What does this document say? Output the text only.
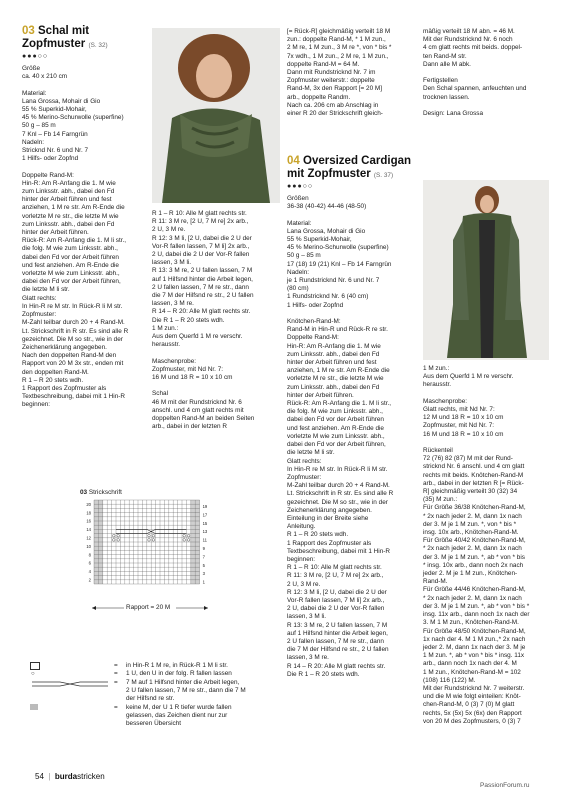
03 Schal mit
Zopfmuster (S. 32)
●●●○○
Größe
ca. 40 x 210 cm

Material:
Lana Grossa, Mohair di Gio
55 % Superkid-Mohair,
45 % Merino-Schurwolle (superfine)
50 g – 85 m
7 Knl – Fb 14 Farngrün
Nadeln:
Stricknd Nr. 6 und Nr. 7
1 Hilfs- oder Zopfnd

Doppelte Rand-M:
Hin-R: Am R-Anfang die 1. M wie
zum Linksstr. abh., dabei den Fd
hinter der Arbeit führen und fest
anziehen, 1 M re str. Am R-Ende die
vorletzte M re str., die letzte M wie
zum Linksstr. abh., dabei den Fd
hinter der Arbeit führen.
Rück-R: Am R-Anfang die 1. M li str.,
die folg. M wie zum Linksstr. abh.,
dabei den Fd vor der Arbeit führen
und fest anziehen. Am R-Ende die
vorletzte M wie zum Linksstr. abh.,
dabei den Fd vor der Arbeit führen,
die letzte M li str.
Glatt rechts:
In Hin-R re M str. In Rück-R li M str.
Zopfmuster:
M-Zahl teilbar durch 20 + 4 Rand-M.
Lt. Strickschrift in R str. Es sind alle R
gezeichnet. Die M so str., wie in der
Zeichenerklärung angegeben.
Nach den doppelten Rand-M den
Rapport von 20 M 3x str., enden mit
den doppelten Rand-M.
R 1 – R 20 stets wdh.
1 Rapport des Zopfmuster als
Textbeschreibung, dabei mit 1 Hin-R
beginnen:
R 1 – R 10: Alle M glatt rechts str.
R 11: 3 M re, [2 U, 7 M re] 2x arb.,
2 U, 3 M re.
R 12: 3 M li, [2 U, dabei die 2 U der
Vor-R fallen lassen, 7 M li] 2x arb.,
2 U, dabei die 2 U der Vor-R fallen
lassen, 3 M li.
R 13: 3 M re, 2 U fallen lassen, 7 M
auf 1 Hilfsnd hinter die Arbeit legen,
2 U fallen lassen, 7 M re str., dann
die 7 M der Hilfsnd re str., 2 U fallen
lassen, 3 M re.
R 14 – R 20: Alle M glatt rechts str.
Die R 1 – R 20 stets wdh.
1 M zun.:
Aus dem Querfd 1 M re verschr.
herausstr.

Maschenprobe:
Zopfmuster, mit Nd Nr. 7:
16 M und 18 R = 10 x 10 cm

Schal
46 M mit der Rundstricknd Nr. 6
anschl. und 4 cm glatt rechts mit
doppelten Rand-M an beiden Seiten
arb., dabei in der letzten R
[= Rück-R] gleichmäßig verteilt 18 M
zun.: doppelte Rand-M, * 1 M zun.,
2 M re, 1 M zun., 3 M re *, von * bis *
7x wdh., 1 M zun., 2 M re, 1 M zun.,
doppelte Rand-M = 64 M.
Dann mit Rundstricknd Nr. 7 im
Zopfmuster weiterstr.: doppelte
Rand-M, 3x den Rapport [= 20 M]
arb., doppelte Randm.
Nach ca. 206 cm ab Anschlag in
einer R 20 der Strickschrift gleich-
mäßig verteilt 18 M abn. = 46 M.
Mit der Rundstricknd Nr. 6 noch
4 cm glatt rechts mit beids. doppel-
ten Rand-M str.
Dann alle M abk.

Fertigstellen
Den Schal spannen, anfeuchten und
trocknen lassen.

Design: Lana Grossa
04 Oversized Cardigan
mit Zopfmuster (S. 37)
●●●○○
Größen
36-38 (40-42) 44-46 (48-50)

Material:
Lana Grossa, Mohair di Gio
55 % Superkid-Mohair,
45 % Merino-Schurwolle (superfine)
50 g – 85 m
17 (18) 19 (21) Knl – Fb 14 Farngrün
Nadeln:
je 1 Rundstricknd Nr. 6 und Nr. 7
(80 cm)
1 Rundstricknd Nr. 6 (40 cm)
1 Hilfs- oder Zopfnd

Knötchen-Rand-M:
Rand-M in Hin-R und Rück-R re str.
Doppelte Rand-M:
Hin-R: Am R-Anfang die 1. M wie
zum Linksstr. abh., dabei den Fd
hinter der Arbeit führen und fest
anziehen, 1 M re str. Am R-Ende die
vorletzte M re str., die letzte M wie
zum Linksstr. abh., dabei den Fd
hinter der Arbeit führen.
Rück-R: Am R-Anfang die 1. M li str.,
die folg. M wie zum Linksstr. abh.,
dabei den Fd vor der Arbeit führen
und fest anziehen. Am R-Ende die
vorletzte M wie zum Linksstr. abh.,
dabei den Fd vor der Arbeit führen,
die letzte M li str.
Glatt rechts:
In Hin-R re M str. In Rück-R li M str.
Zopfmuster:
M-Zahl teilbar durch 20 + 4 Rand-M.
Lt. Strickschrift in R str. Es sind alle R
gezeichnet. Die M so str., wie in der
Zeichenerklärung angegeben.
Einteilung in der Breite siehe
Anleitung.
R 1 – R 20 stets wdh.
1 Rapport des Zopfmuster als
Textbeschreibung, dabei mit 1 Hin-R
beginnen:
R 1 – R 10: Alle M glatt rechts str.
R 11: 3 M re, [2 U, 7 M re] 2x arb.,
2 U, 3 M re.
R 12: 3 M li, [2 U, dabei die 2 U der
Vor-R fallen lassen, 7 M li] 2x arb.,
2 U, dabei die 2 U der Vor-R fallen
lassen, 3 M li.
R 13: 3 M re, 2 U fallen lassen, 7 M
auf 1 Hilfsnd hinter die Arbeit legen,
2 U fallen lassen, 7 M re str., dann
die 7 M der Hilfsnd re str., 2 U fallen
lassen, 3 M re.
R 14 – R 20: Alle M glatt rechts str.
Die R 1 – R 20 stets wdh.
1 M zun.:
Aus dem Querfd 1 M re verschr.
herausstr.

Maschenprobe:
Glatt rechts, mit Nd Nr. 7:
12 M und 18 R = 10 x 10 cm
Zopfmuster, mit Nd Nr. 7:
16 M und 18 R = 10 x 10 cm

Rückenteil
72 (76) 82 (87) M mit der Rund-
stricknd Nr. 6 anschl. und 4 cm glatt
rechts mit beids. Knötchen-Rand-M
arb., dabei in der letzten R [= Rück-
R] gleichmäßig verteilt 30 (32) 34
(35) M zun.:
Für Größe 36/38 Knötchen-Rand-M,
* 2x nach jeder 2. M, dann 1x nach
der 3. M je 1 M zun. *, von * bis *
insg. 10x arb., Knötchen-Rand-M.
Für Größe 40/42 Knötchen-Rand-M,
* 2x nach jeder 2. M, dann 1x nach
der 3. M je 1 M zun. *, ab * von * bis
* insg. 10x arb., dann noch 2x nach
jeder 2. M je 1 M zun., Knötchen-
Rand-M.
Für Größe 44/46 Knötchen-Rand-M,
* 2x nach jeder 2. M, dann 1x nach
der 3. M je 1 M zun. *, ab * von * bis *
insg. 11x arb., dann noch 1x nach der
3. M 1 M zun., Knötchen-Rand-M.
Für Größe 48/50 Knötchen-Rand-M,
1x nach der 4. M 1 M zun.,* 2x nach
jeder 2. M, dann 1x nach der 3. M je
1 M zun. *, ab * von * bis * insg. 11x
arb., dann noch 1x nach der 4. M
1 M zun., Knötchen-Rand-M = 102
(108) 116 (122) M.
Mit der Rundstricknd Nr. 7 weiterstr.
und die M wie folgt einteilen: Knöt-
chen-Rand-M, 0 (3) 7 (0) M glatt
rechts, 5x (5x) 5x (6x) den Rapport
von 20 M des Zopfmusters, 0 (3) 7
03 Strickschrift
20
18
16
14
12
10
8
6
4
2
19
17
15
13
11
9
7
5
3
1
Rapport = 20 M
= in Hin-R 1 M re, in Rück-R 1 M li str.
○	= 1 U, den U in der folg. R fallen lassen
= 7 M auf 1 Hilfsnd hinter die Arbeit legen,
2 U fallen lassen, 7 M re str., dann die 7 M
der Hilfsnd re str.
= keine M, der U 1 R tiefer wurde fallen
gelassen, das Zeichen dient nur zur
besseren Übersicht
54  |  burdastricken
PassionForum.ru
